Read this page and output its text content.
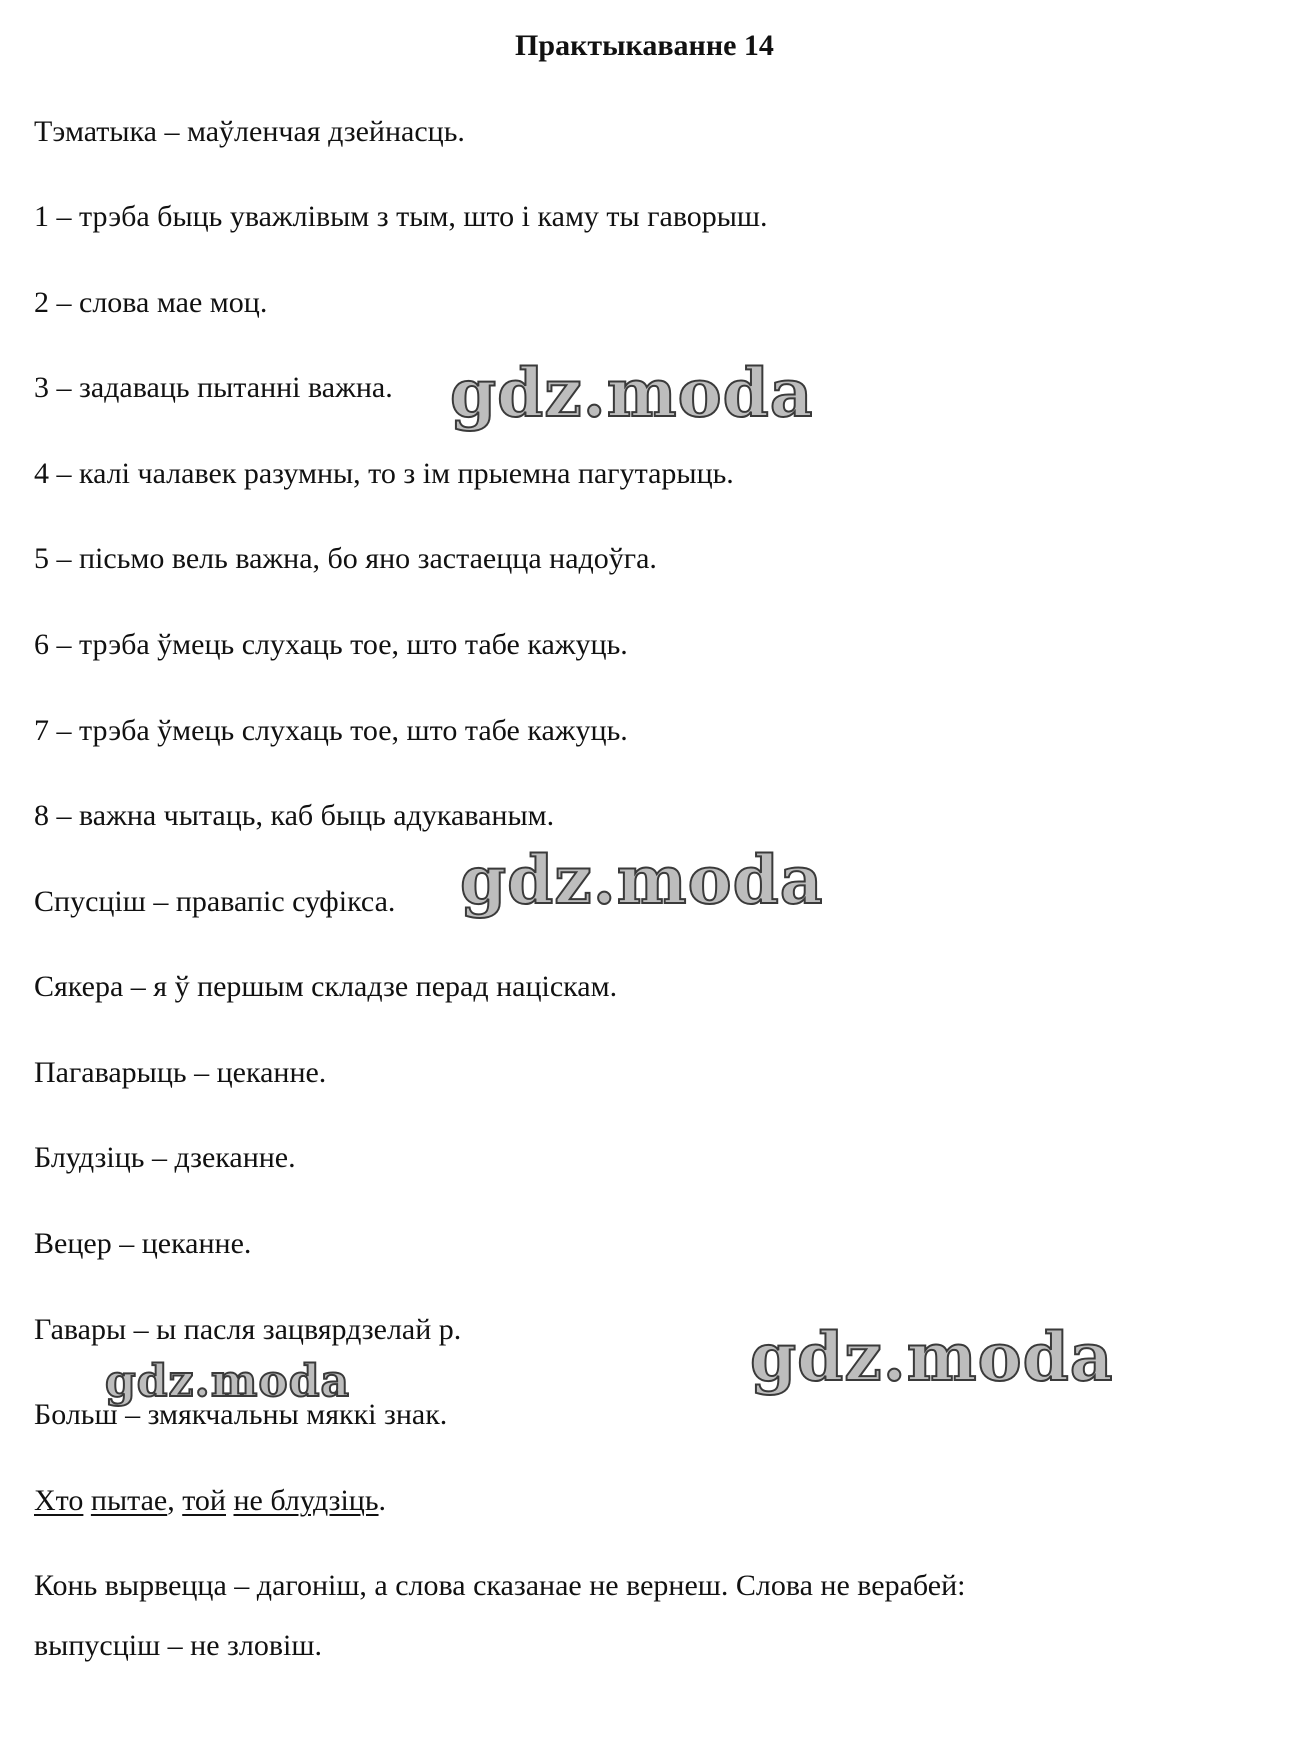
Практыкаванне 14
Тэматыка – маўленчая дзейнасць.
1 – трэба быць уважлівым з тым, што і каму ты гаворыш.
2 – слова мае моц.
3 – задаваць пытанні важна.
4 – калі чалавек разумны, то з ім прыемна пагутарыць.
5 – пісьмо вель важна, бо яно застаецца надоўга.
6 – трэба ўмець слухаць тое, што табе кажуць.
7 – трэба ўмець слухаць тое, што табе кажуць.
8 – важна чытаць, каб быць адукаваным.
Спусціш – правапіс суфікса.
Сякера – я ў першым складзе перад націскам.
Пагаварыць – цеканне.
Блудзіць – дзеканне.
Вецер – цеканне.
Гавары – ы пасля зацвярдзелай р.
Больш – змякчальны мяккі знак.
Хто пытае, той не блудзіць.
Конь вырвецца – дагоніш, а слова сказанае не вернеш. Слова не верабей:
выпусціш – не зловіш.
gdz.moda
gdz.moda
gdz.moda
gdz.moda
